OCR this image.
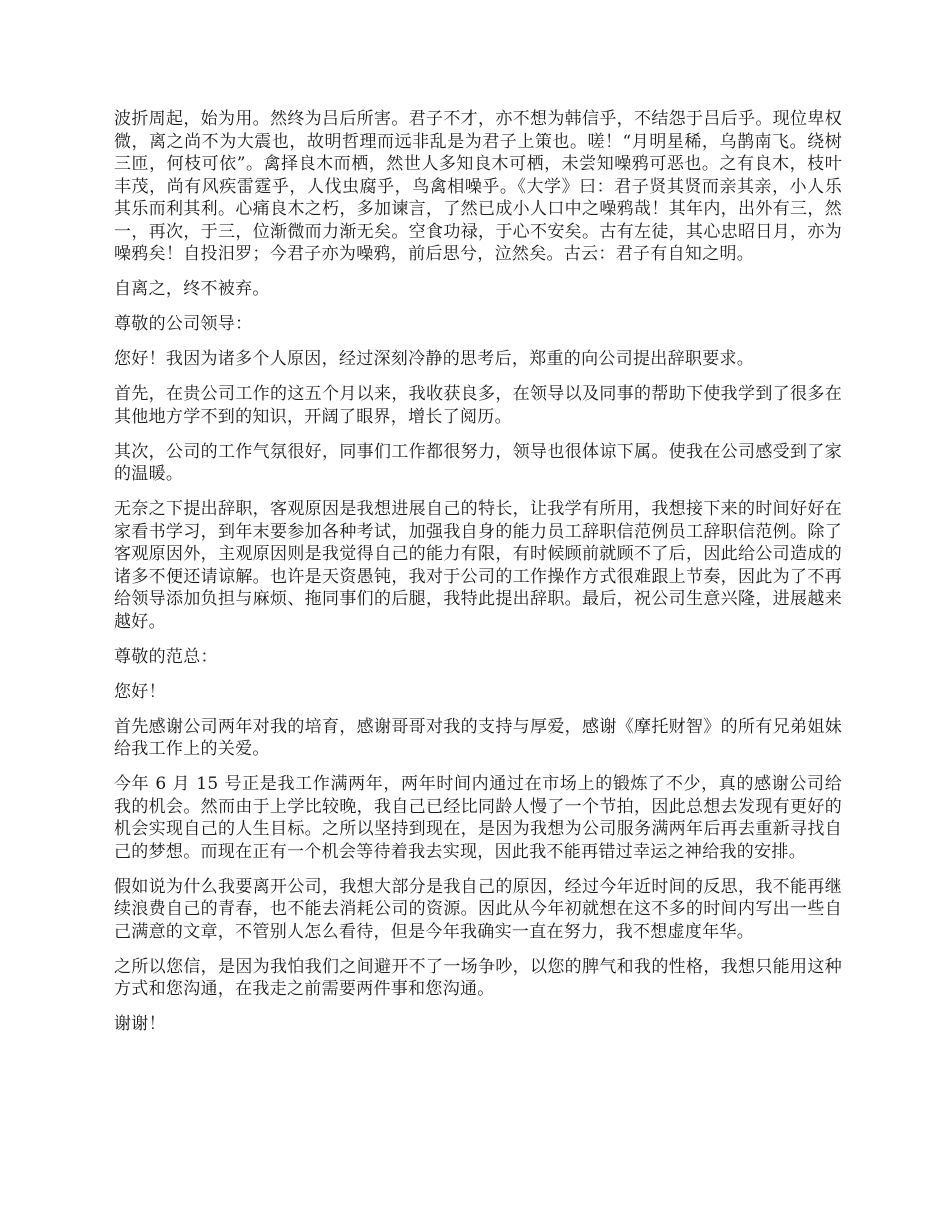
波折周起，始为用。然终为吕后所害。君子不才，亦不想为韩信乎，不结怨于吕后乎。现位卑权微，离之尚不为大震也，故明哲理而远非乱是为君子上策也。嗟！“月明星稀，乌鹊南飞。绕树三匝，何枝可依”。禽择良木而栖，然世人多知良木可栖，未尝知噪鸦可恶也。之有良木，枝叶丰茂，尚有风疾雷霆乎，人伐虫腐乎，鸟禽相噪乎。《大学》曰：君子贤其贤而亲其亲，小人乐其乐而利其利。心痛良木之朽，多加谏言，了然已成小人口中之噪鸦哉！其年内，出外有三，然一，再次，于三，位渐微而力渐无矣。空食功禄，于心不安矣。古有左徒，其心忠昭日月，亦为噪鸦矣！自投汨罗；今君子亦为噪鸦，前后思兮，泣然矣。古云：君子有自知之明。

自离之，终不被弃。

尊敬的公司领导：

您好！我因为诸多个人原因，经过深刻冷静的思考后，郑重的向公司提出辞职要求。

首先，在贵公司工作的这五个月以来，我收获良多，在领导以及同事的帮助下使我学到了很多在其他地方学不到的知识，开阔了眼界，增长了阅历。

其次，公司的工作气氛很好，同事们工作都很努力，领导也很体谅下属。使我在公司感受到了家的温暖。

无奈之下提出辞职，客观原因是我想进展自己的特长，让我学有所用，我想接下来的时间好好在家看书学习，到年末要参加各种考试，加强我自身的能力员工辞职信范例员工辞职信范例。除了客观原因外，主观原因则是我觉得自己的能力有限，有时候顾前就顾不了后，因此给公司造成的诸多不便还请谅解。也许是天资愚钝，我对于公司的工作操作方式很难跟上节奏，因此为了不再给领导添加负担与麻烦、拖同事们的后腿，我特此提出辞职。最后，祝公司生意兴隆，进展越来越好。

尊敬的范总：

您好！

首先感谢公司两年对我的培育，感谢哥哥对我的支持与厚爱，感谢《摩托财智》的所有兄弟姐妹给我工作上的关爱。

今年 6 月 15 号正是我工作满两年，两年时间内通过在市场上的锻炼了不少，真的感谢公司给我的机会。然而由于上学比较晚，我自己已经比同龄人慢了一个节拍，因此总想去发现有更好的机会实现自己的人生目标。之所以坚持到现在，是因为我想为公司服务满两年后再去重新寻找自己的梦想。而现在正有一个机会等待着我去实现，因此我不能再错过幸运之神给我的安排。

假如说为什么我要离开公司，我想大部分是我自己的原因，经过今年近时间的反思，我不能再继续浪费自己的青春，也不能去消耗公司的资源。因此从今年初就想在这不多的时间内写出一些自己满意的文章，不管别人怎么看待，但是今年我确实一直在努力，我不想虚度年华。

之所以您信，是因为我怕我们之间避开不了一场争吵，以您的脾气和我的性格，我想只能用这种方式和您沟通，在我走之前需要两件事和您沟通。

谢谢！
